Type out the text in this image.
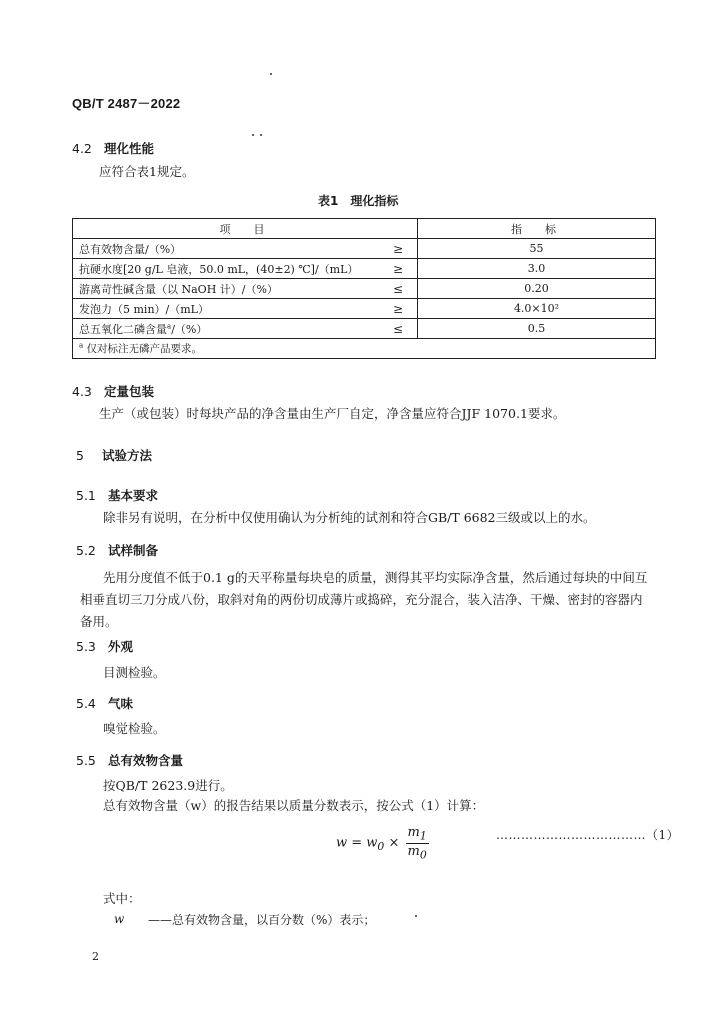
QB/T 2487－2022
4.2 理化性能
应符合表1规定。
表1　理化指标
项　目		指　标
总有效物含量/（%）	≥	55
抗硬水度[20 g/L 皂液，50.0 mL，(40±2) ℃]/（mL）	≥	3.0
游离苛性碱含量（以 NaOH 计）/（%）	≤	0.20
发泡力（5 min）/（mL）	≥	4.0×10²
总五氧化二磷含量$^a$/（%）	≤	0.5
$^a$ 仅对标注无磷产品要求。		
4.3 定量包装
生产（或包装）时每块产品的净含量由生产厂自定，净含量应符合JJF 1070.1要求。
5 试验方法
5.1 基本要求
除非另有说明，在分析中仅使用确认为分析纯的试剂和符合GB/T 6682三级或以上的水。
5.2 试样制备
先用分度值不低于0.1 g的天平称量每块皂的质量，测得其平均实际净含量，然后通过每块的中间互
相垂直切三刀分成八份，取斜对角的两份切成薄片或捣碎，充分混合，装入洁净、干燥、密封的容器内
备用。
5.3 外观
目测检验。
5.4 气味
嗅觉检验。
5.5 总有效物含量
按QB/T 2623.9进行。
总有效物含量（w）的报告结果以质量分数表示，按公式（1）计算：
$w = w_0 \times \frac{m_1}{m_0}$	………………………………（1）
式中：
w ——总有效物含量，以百分数（%）表示；
2
